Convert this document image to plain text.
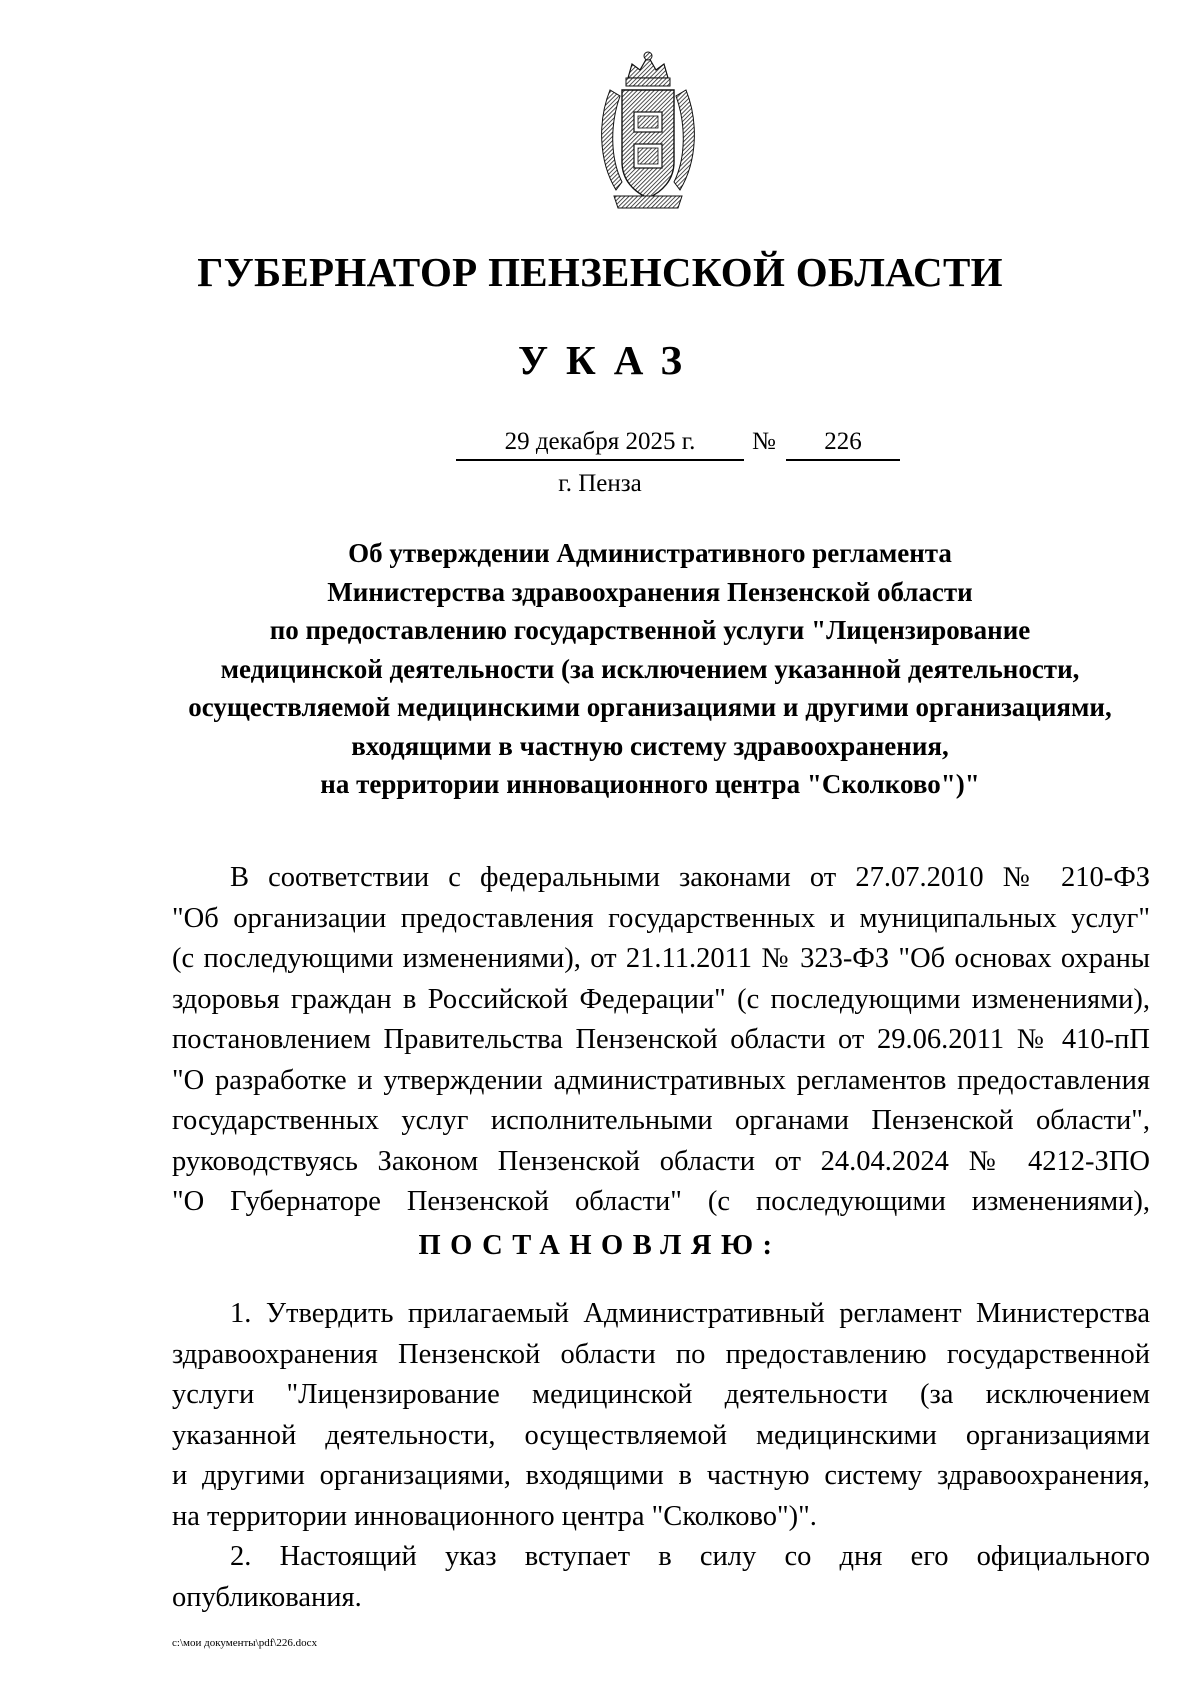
ГУБЕРНАТОР ПЕНЗЕНСКОЙ ОБЛАСТИ
УКАЗ
29 декабря 2025 г.	№	226
г. Пенза
Об утверждении Административного регламента
Министерства здравоохранения Пензенской области
по предоставлению государственной услуги "Лицензирование
медицинской деятельности (за исключением указанной деятельности,
осуществляемой медицинскими организациями и другими организациями,
входящими в частную систему здравоохранения,
на территории инновационного центра "Сколково")"
В соответствии с федеральными законами от 27.07.2010 № 210-ФЗ
"Об организации предоставления государственных и муниципальных услуг"
(с последующими изменениями), от 21.11.2011 № 323-ФЗ "Об основах охраны
здоровья граждан в Российской Федерации" (с последующими изменениями),
постановлением Правительства Пензенской области от 29.06.2011 № 410-пП
"О разработке и утверждении административных регламентов предоставления
государственных услуг исполнительными органами Пензенской области",
руководствуясь Законом Пензенской области от 24.04.2024 № 4212-ЗПО
"О Губернаторе Пензенской области" (с последующими изменениями),
ПОСТАНОВЛЯЮ:
1. Утвердить прилагаемый Административный регламент Министерства
здравоохранения Пензенской области по предоставлению государственной
услуги "Лицензирование медицинской деятельности (за исключением
указанной деятельности, осуществляемой медицинскими организациями
и другими организациями, входящими в частную систему здравоохранения,
на территории инновационного центра "Сколково")".
2. Настоящий указ вступает в силу со дня его официального
опубликования.
c:\мои документы\pdf\226.docx
